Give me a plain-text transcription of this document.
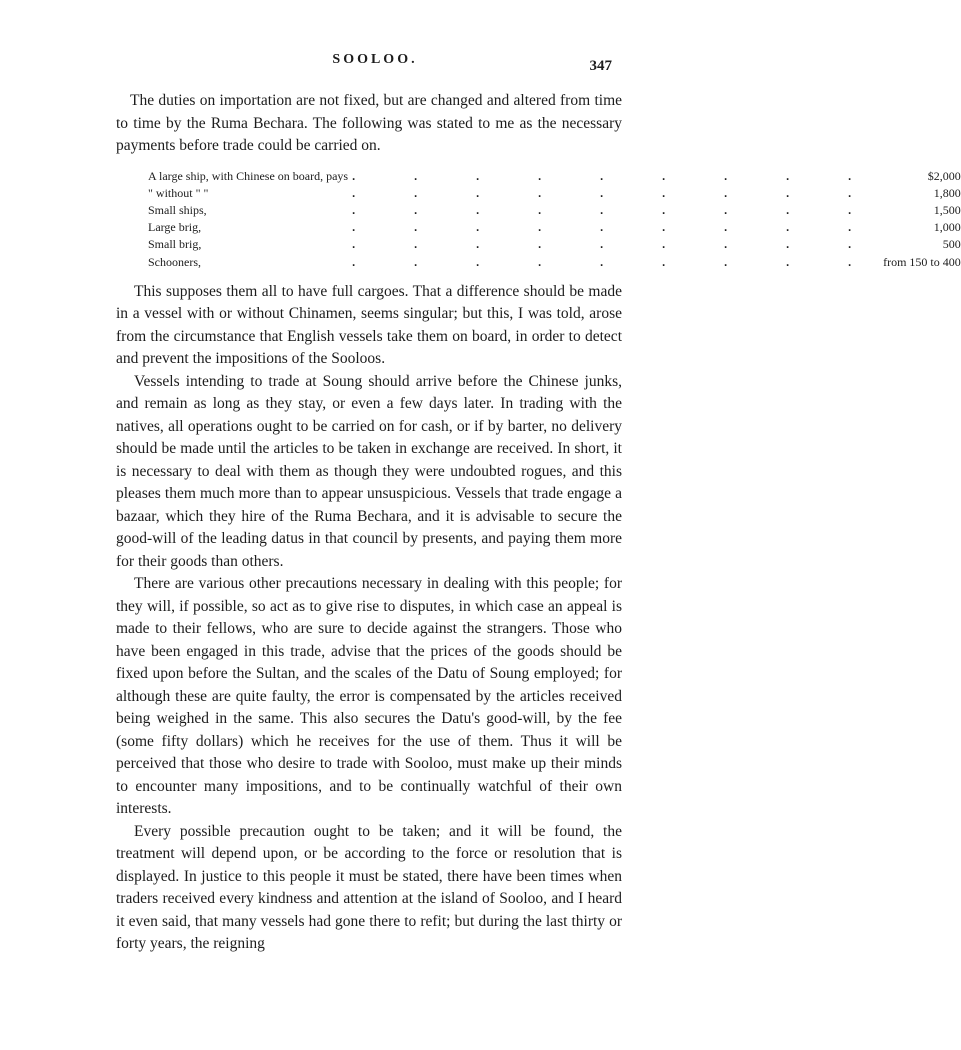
SOOLOO.	347

The duties on importation are not fixed, but are changed and altered from time to time by the Ruma Bechara. The following was stated to me as the necessary payments before trade could be carried on.

A large ship, with Chinese on board, pays	. . . . . . . . .	$2,000
" without " "	. . . . . . . . .	1,800
Small ships,	. . . . . . . . .	1,500
Large brig,	. . . . . . . . .	1,000
Small brig,	. . . . . . . . .	500
Schooners,	. . . . . . . . .	from 150 to 400

This supposes them all to have full cargoes. That a difference should be made in a vessel with or without Chinamen, seems singular; but this, I was told, arose from the circumstance that English vessels take them on board, in order to detect and prevent the impositions of the Sooloos.

Vessels intending to trade at Soung should arrive before the Chinese junks, and remain as long as they stay, or even a few days later. In trading with the natives, all operations ought to be carried on for cash, or if by barter, no delivery should be made until the articles to be taken in exchange are received. In short, it is necessary to deal with them as though they were undoubted rogues, and this pleases them much more than to appear unsuspicious. Vessels that trade engage a bazaar, which they hire of the Ruma Bechara, and it is advisable to secure the good-will of the leading datus in that council by presents, and paying them more for their goods than others.

There are various other precautions necessary in dealing with this people; for they will, if possible, so act as to give rise to disputes, in which case an appeal is made to their fellows, who are sure to decide against the strangers. Those who have been engaged in this trade, advise that the prices of the goods should be fixed upon before the Sultan, and the scales of the Datu of Soung employed; for although these are quite faulty, the error is compensated by the articles received being weighed in the same. This also secures the Datu's good-will, by the fee (some fifty dollars) which he receives for the use of them. Thus it will be perceived that those who desire to trade with Sooloo, must make up their minds to encounter many impositions, and to be continually watchful of their own interests.

Every possible precaution ought to be taken; and it will be found, the treatment will depend upon, or be according to the force or resolution that is displayed. In justice to this people it must be stated, there have been times when traders received every kindness and attention at the island of Sooloo, and I heard it even said, that many vessels had gone there to refit; but during the last thirty or forty years, the reigning
